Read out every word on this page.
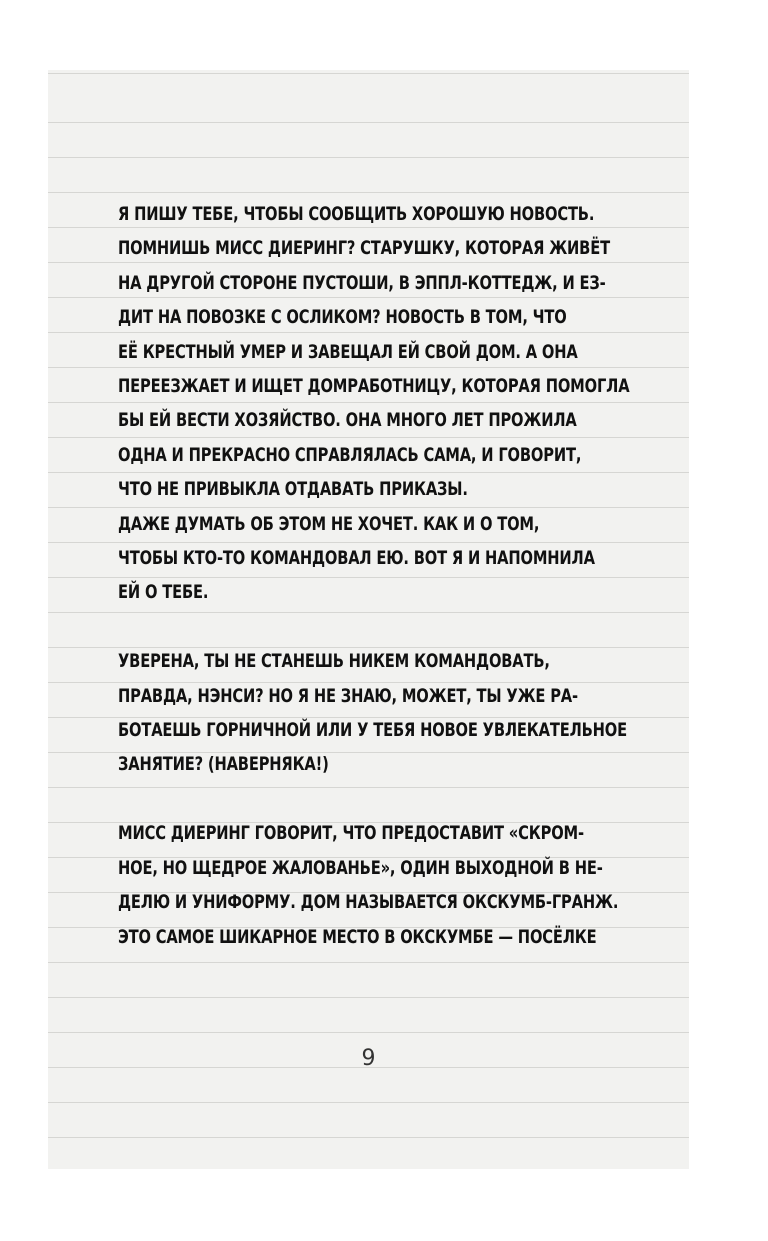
Я ПИШУ ТЕБЕ, ЧТОБЫ СООБЩИТЬ ХОРОШУЮ НОВОСТЬ.
ПОМНИШЬ МИСС ДИЕРИНГ? СТАРУШКУ, КОТОРАЯ ЖИВЁТ
НА ДРУГОЙ СТОРОНЕ ПУСТОШИ, В ЭППЛ-КОТТЕДЖ, И ЕЗ-
ДИТ НА ПОВОЗКЕ С ОСЛИКОМ? НОВОСТЬ В ТОМ, ЧТО
ЕЁ КРЕСТНЫЙ УМЕР И ЗАВЕЩАЛ ЕЙ СВОЙ ДОМ. А ОНА
ПЕРЕЕЗЖАЕТ И ИЩЕТ ДОМРАБОТНИЦУ, КОТОРАЯ ПОМОГЛА
БЫ ЕЙ ВЕСТИ ХОЗЯЙСТВО. ОНА МНОГО ЛЕТ ПРОЖИЛА
ОДНА И ПРЕКРАСНО СПРАВЛЯЛАСЬ САМА, И ГОВОРИТ,
ЧТО НЕ ПРИВЫКЛА ОТДАВАТЬ ПРИКАЗЫ.
ДАЖЕ ДУМАТЬ ОБ ЭТОМ НЕ ХОЧЕТ. КАК И О ТОМ,
ЧТОБЫ КТО-ТО КОМАНДОВАЛ ЕЮ. ВОТ Я И НАПОМНИЛА
ЕЙ О ТЕБЕ.
УВЕРЕНА, ТЫ НЕ СТАНЕШЬ НИКЕМ КОМАНДОВАТЬ,
ПРАВДА, НЭНСИ? НО Я НЕ ЗНАЮ, МОЖЕТ, ТЫ УЖЕ РА-
БОТАЕШЬ ГОРНИЧНОЙ ИЛИ У ТЕБЯ НОВОЕ УВЛЕКАТЕЛЬНОЕ
ЗАНЯТИЕ? (НАВЕРНЯКА!)
МИСС ДИЕРИНГ ГОВОРИТ, ЧТО ПРЕДОСТАВИТ «СКРОМ-
НОЕ, НО ЩЕДРОЕ ЖАЛОВАНЬЕ», ОДИН ВЫХОДНОЙ В НЕ-
ДЕЛЮ И УНИФОРМУ. ДОМ НАЗЫВАЕТСЯ ОКСКУМБ-ГРАНЖ.
ЭТО САМОЕ ШИКАРНОЕ МЕСТО В ОКСКУМБЕ — ПОСЁЛКЕ
9
